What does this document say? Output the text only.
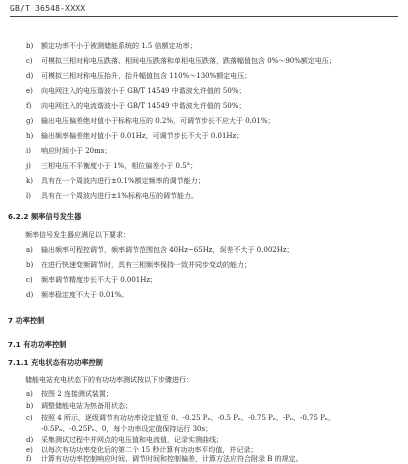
GB/T 36548-XXXX
b) 额定功率不小于被测储能系统的 1.5 倍额定功率；
c) 可模拟三相对称电压跌落、相间电压跌落和单相电压跌落，跌落幅值包含 0%～90%额定电压；
d) 可模拟三相对称电压抬升，抬升幅值包含 110%～130%额定电压；
e) 向电网注入的电压谐波小于 GB/T 14549 中谐波允许值的 50%；
f) 向电网注入的电流谐波小于 GB/T 14549 中谐波允许值的 50%；
g) 输出电压偏差绝对值小于标称电压的 0.2%，可调节步长不应大于 0.01%；
h) 输出频率偏差绝对值小于 0.01Hz，可调节步长不大于 0.01Hz；
i) 响应时间小于 20ms；
j) 三相电压不平衡度小于 1%，相位偏差小于 0.5°；
k) 具有在一个周波内进行±0.1%额定频率的调节能力；
l) 具有在一个周波内进行±1%标称电压的调节能力。
6.2.2 频率信号发生器
频率信号发生器应满足以下要求：
a) 输出频率可程控调节，频率调节范围包含 40Hz~65Hz，误差不大于 0.002Hz；
b) 在进行快速变频调节时，具有三相频率保持一致并同步变动的能力；
c) 频率调节精度步长不大于 0.001Hz；
d) 频率稳定度不大于 0.01%。
7 功率控制
7.1 有功功率控制
7.1.1 充电状态有功功率控制
储能电站充电状态下的有功功率测试按以下步骤进行：
a) 按图 2 连接测试装置；
b) 调整储能电站为热备用状态；
c) 按照 4 所示，逐级调节有功功率设定值至 0、-0.25 Pₙ、-0.5 Pₙ、-0.75 Pₙ、-Pₙ、-0.75 Pₙ、
-0.5Pₙ、-0.25Pₙ、0，每个功率设定值保持运行 30s；
d) 采集测试过程中并网点的电压值和电流值，记录实测曲线；
e) 以每次有功功率变化后的第二个 15 秒计算有功功率平均值，并记录；
f) 计算有功功率控制响应时间、调节时间和控制偏差，计算方法应符合附录 B 的规定。
